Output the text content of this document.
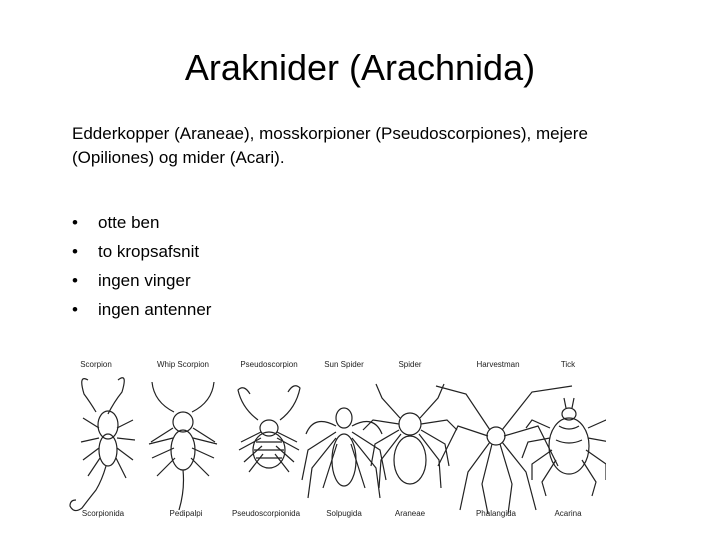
Araknider (Arachnida)
Edderkopper (Araneae), mosskorpioner (Pseudoscorpiones), mejere (Opiliones) og mider (Acari).
• otte ben
• to kropsafsnit
• ingen vinger
• ingen antenner
Scorpion	Whip Scorpion	Pseudoscorpion	Sun Spider	Spider	Harvestman	Tick
Scorpionida	Pedipalpi	Pseudoscorpionida	Solpugida	Araneae	Phalangida	Acarina
